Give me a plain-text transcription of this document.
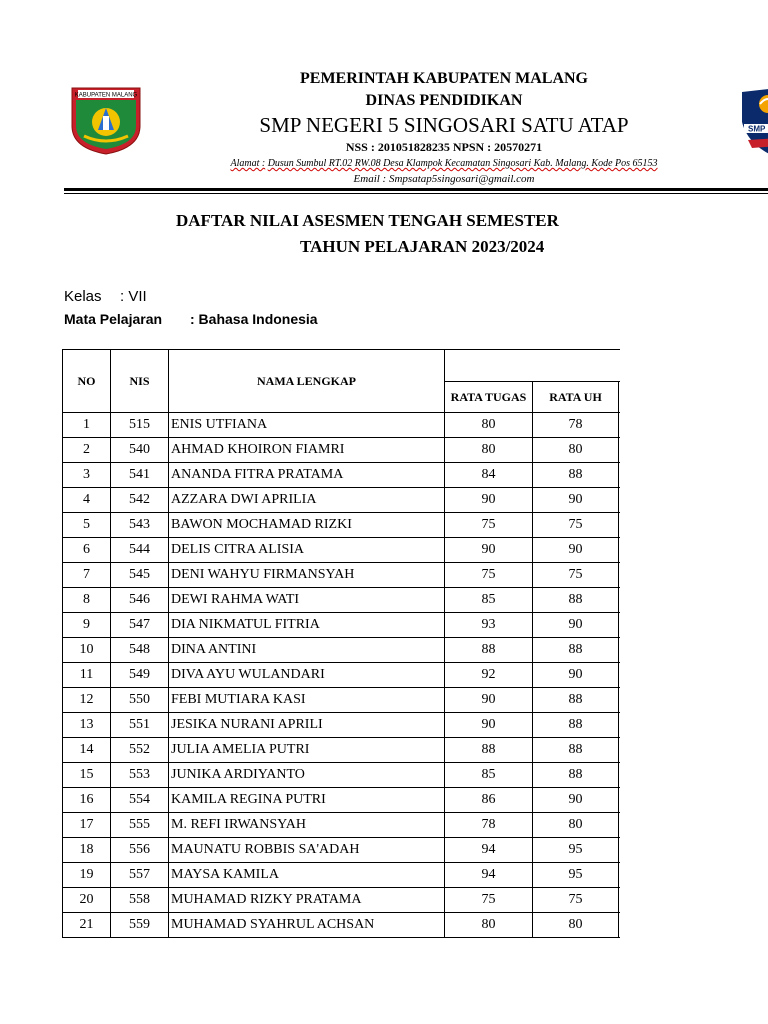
KABUPATEN MALANG
SMP
PEMERINTAH KABUPATEN MALANG
DINAS PENDIDIKAN
SMP NEGERI 5 SINGOSARI SATU ATAP
NSS : 201051828235 NPSN : 20570271
Alamat : Dusun Sumbul RT.02 RW.08 Desa Klampok Kecamatan Singosari Kab. Malang. Kode Pos 65153
Email : Smpsatap5singosari@gmail.com
DAFTAR NILAI ASESMEN TENGAH SEMESTER
TAHUN PELAJARAN 2023/2024
Kelas : VII
Mata Pelajaran : Bahasa Indonesia
NO	NIS	NAMA LENGKAP			
			RATA TUGAS	RATA UH	
1	515	ENIS UTFIANA	80	78	
2	540	AHMAD KHOIRON FIAMRI	80	80	
3	541	ANANDA FITRA PRATAMA	84	88	
4	542	AZZARA DWI APRILIA	90	90	
5	543	BAWON MOCHAMAD RIZKI	75	75	
6	544	DELIS CITRA ALISIA	90	90	
7	545	DENI WAHYU FIRMANSYAH	75	75	
8	546	DEWI RAHMA WATI	85	88	
9	547	DIA NIKMATUL FITRIA	93	90	
10	548	DINA ANTINI	88	88	
11	549	DIVA AYU WULANDARI	92	90	
12	550	FEBI MUTIARA KASI	90	88	
13	551	JESIKA NURANI APRILI	90	88	
14	552	JULIA AMELIA PUTRI	88	88	
15	553	JUNIKA ARDIYANTO	85	88	
16	554	KAMILA REGINA PUTRI	86	90	
17	555	M. REFI IRWANSYAH	78	80	
18	556	MAUNATU ROBBIS SA'ADAH	94	95	
19	557	MAYSA KAMILA	94	95	
20	558	MUHAMAD RIZKY PRATAMA	75	75	
21	559	MUHAMAD SYAHRUL ACHSAN	80	80	
